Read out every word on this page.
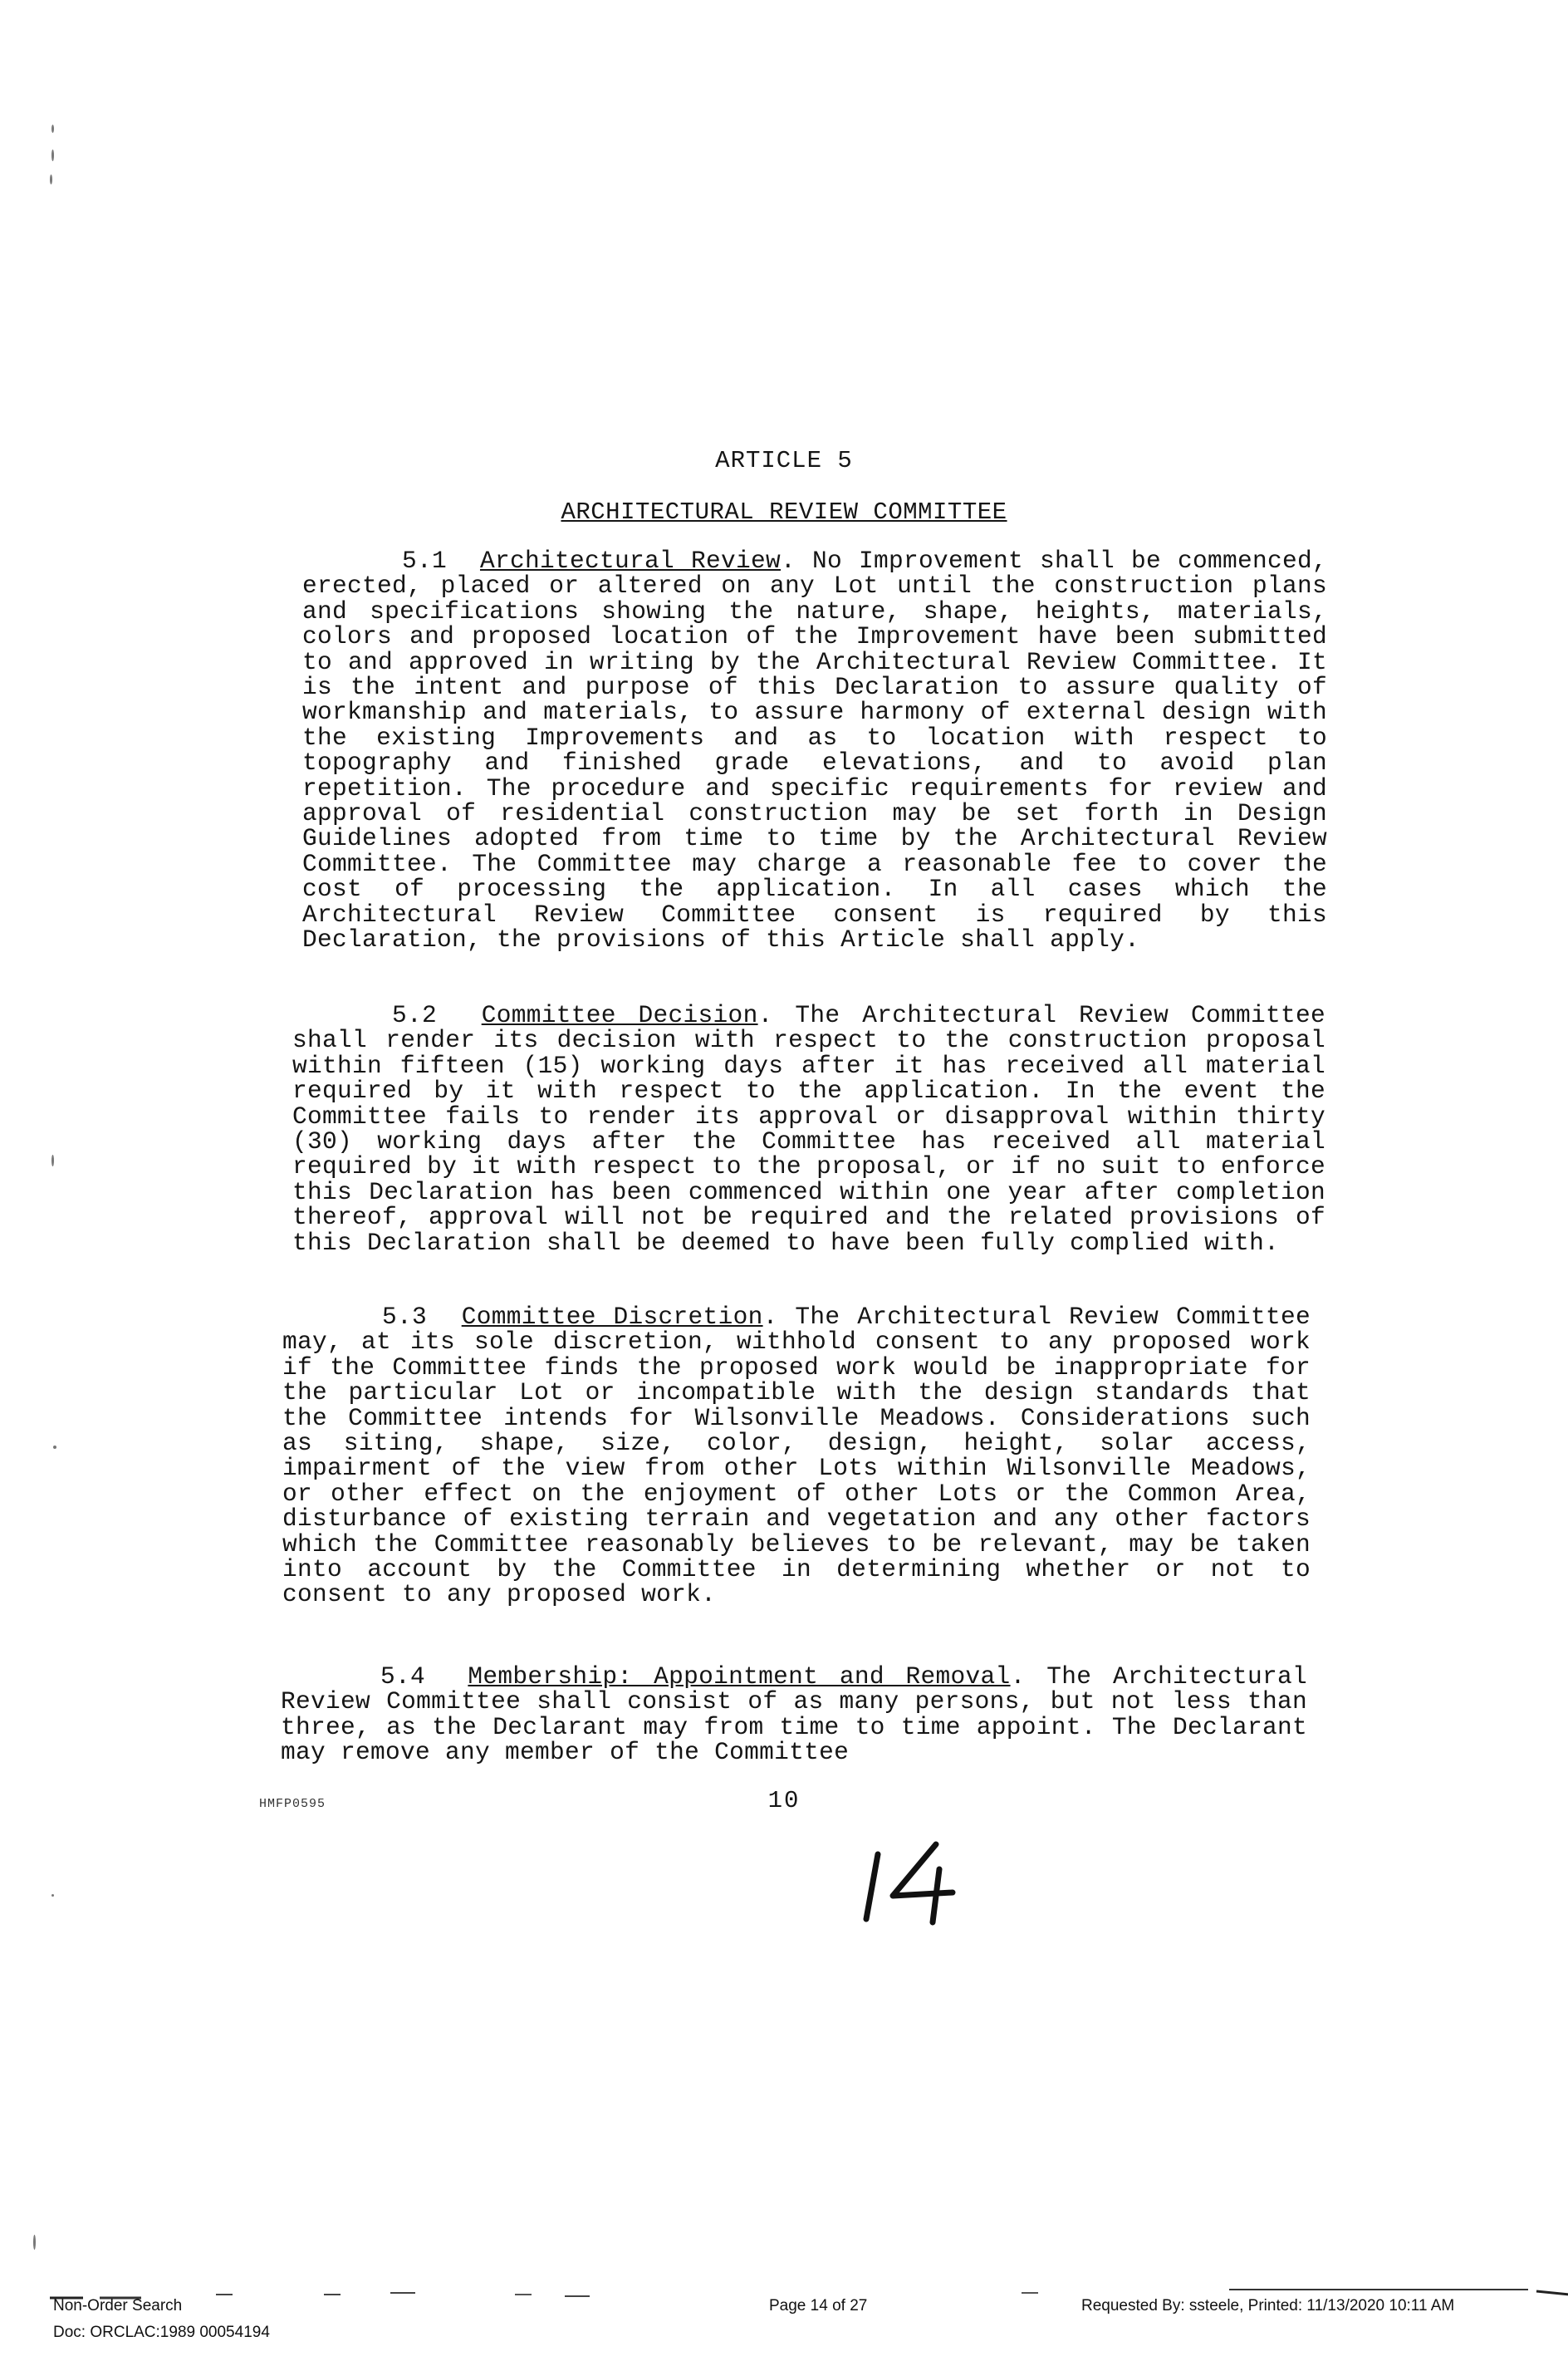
ARTICLE 5
ARCHITECTURAL REVIEW COMMITTEE
5.1 Architectural Review. No Improvement shall be commenced, erected, placed or altered on any Lot until the construction plans and specifications showing the nature, shape, heights, materials, colors and proposed location of the Improvement have been submitted to and approved in writing by the Architectural Review Committee. It is the intent and purpose of this Declaration to assure quality of workmanship and materials, to assure harmony of external design with the existing Improvements and as to location with respect to topography and finished grade elevations, and to avoid plan repetition. The procedure and specific requirements for review and approval of residential construction may be set forth in Design Guidelines adopted from time to time by the Architectural Review Committee. The Committee may charge a reasonable fee to cover the cost of processing the application. In all cases which the Architectural Review Committee consent is required by this Declaration, the provisions of this Article shall apply.
5.2 Committee Decision. The Architectural Review Committee shall render its decision with respect to the construction proposal within fifteen (15) working days after it has received all material required by it with respect to the application. In the event the Committee fails to render its approval or disapproval within thirty (30) working days after the Committee has received all material required by it with respect to the proposal, or if no suit to enforce this Declaration has been commenced within one year after completion thereof, approval will not be required and the related provisions of this Declaration shall be deemed to have been fully complied with.
5.3 Committee Discretion. The Architectural Review Committee may, at its sole discretion, withhold consent to any proposed work if the Committee finds the proposed work would be inappropriate for the particular Lot or incompatible with the design standards that the Committee intends for Wilsonville Meadows. Considerations such as siting, shape, size, color, design, height, solar access, impairment of the view from other Lots within Wilsonville Meadows, or other effect on the enjoyment of other Lots or the Common Area, disturbance of existing terrain and vegetation and any other factors which the Committee reasonably believes to be relevant, may be taken into account by the Committee in determining whether or not to consent to any proposed work.
5.4 Membership: Appointment and Removal. The Architectural Review Committee shall consist of as many persons, but not less than three, as the Declarant may from time to time appoint. The Declarant may remove any member of the Committee
HMFP0595	10
Non-Order Search
Doc: ORCLAC:1989 00054194
Page 14 of 27	Requested By: ssteele, Printed: 11/13/2020 10:11 AM
